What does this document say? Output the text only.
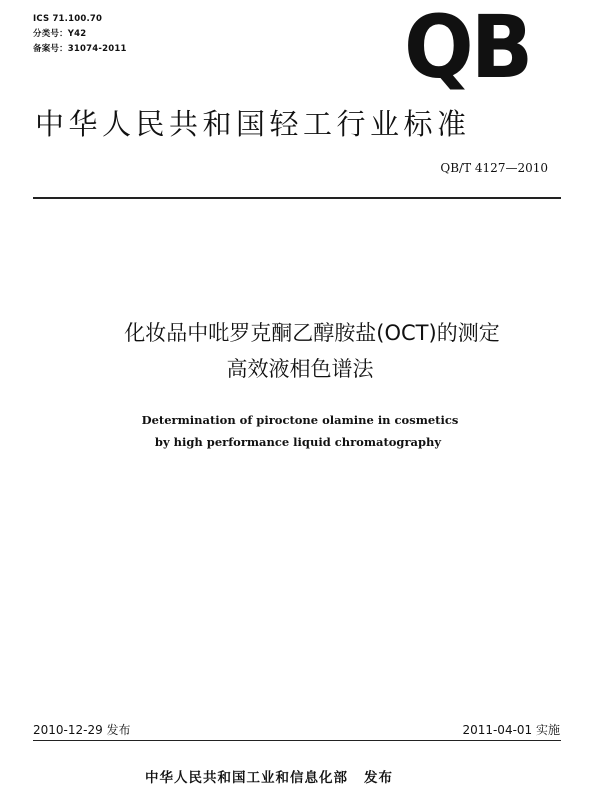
ICS 71.100.70
分类号：Y42
备案号：31074-2011	QB
中华人民共和国轻工行业标准
QB/T 4127—2010
化妆品中吡罗克酮乙醇胺盐(OCT)的测定
高效液相色谱法
Determination of piroctone olamine in cosmetics
by high performance liquid chromatography
2010-12-29 发布	2011-04-01 实施
中华人民共和国工业和信息化部 发布
